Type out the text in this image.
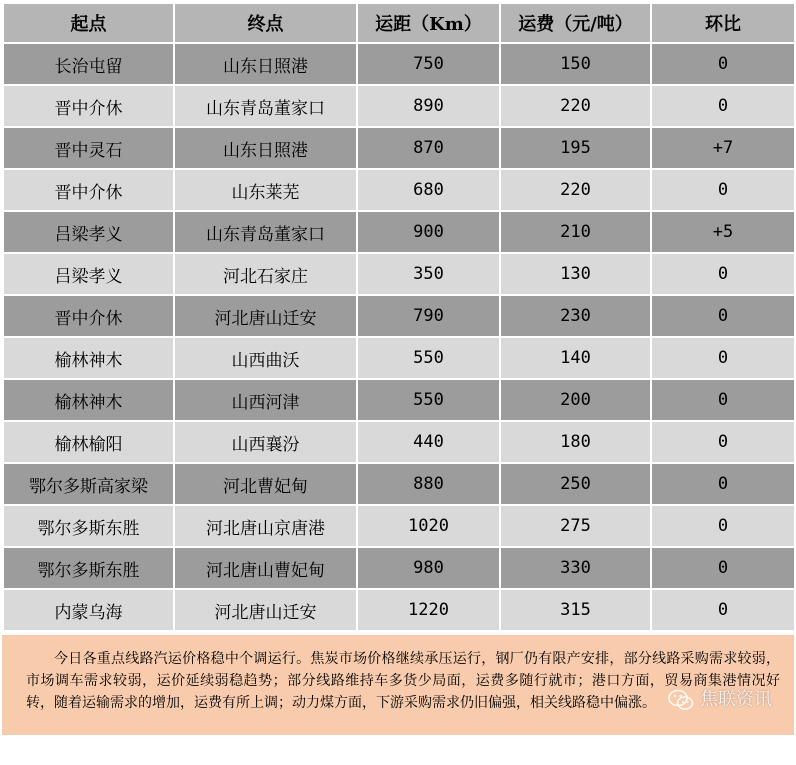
起点	终点	运距（Km）	运费（元/吨）	环比
长治屯留	山东日照港	750	150	0
晋中介休	山东青岛董家口	890	220	0
晋中灵石	山东日照港	870	195	+7
晋中介休	山东莱芜	680	220	0
吕梁孝义	山东青岛董家口	900	210	+5
吕梁孝义	河北石家庄	350	130	0
晋中介休	河北唐山迁安	790	230	0
榆林神木	山西曲沃	550	140	0
榆林神木	山西河津	550	200	0
榆林榆阳	山西襄汾	440	180	0
鄂尔多斯高家梁	河北曹妃甸	880	250	0
鄂尔多斯东胜	河北唐山京唐港	1020	275	0
鄂尔多斯东胜	河北唐山曹妃甸	980	330	0
内蒙乌海	河北唐山迁安	1220	315	0

今日各重点线路汽运价格稳中个调运行。焦炭市场价格继续承压运行，钢厂仍有限产安排，部分线路采购需求较弱，市场调车需求较弱，运价延续弱稳趋势；部分线路维持车多货少局面，运费多随行就市；港口方面，贸易商集港情况好转，随着运输需求的增加，运费有所上调；动力煤方面，下游采购需求仍旧偏强，相关线路稳中偏涨。	焦联资讯
